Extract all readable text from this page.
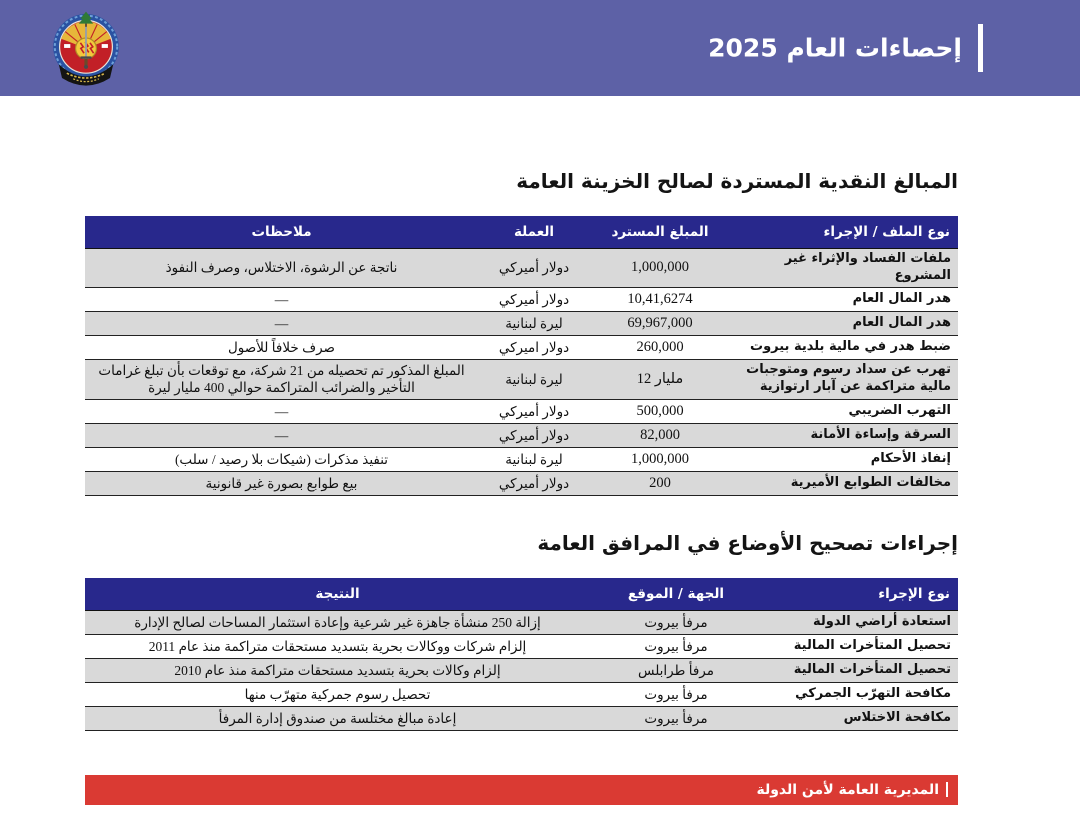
إحصاءات العام 2025
المبالغ النقدية المستردة لصالح الخزينة العامة
نوع الملف / الإجراء	المبلغ المسترد	العملة	ملاحظات
ملفات الفساد والإثراء غير المشروع	1,000,000	دولار أميركي	ناتجة عن الرشوة، الاختلاس، وصرف النفوذ
هدر المال العام	10,41,6274	دولار أميركي	—
هدر المال العام	69,967,000	ليرة لبنانية	—
ضبط هدر في مالية بلدية بيروت	260,000	دولار اميركي	صرف خلافاً للأصول
تهرب عن سداد رسوم ومتوجبات مالية متراكمة عن آبار ارتوازية	12 مليار	ليرة لبنانية	المبلغ المذكور تم تحصيله من 21 شركة، مع توقعات بأن تبلغ غرامات التأخير والضرائب المتراكمة حوالي 400 مليار ليرة
التهرب الضريبي	500,000	دولار أميركي	—
السرقة وإساءة الأمانة	82,000	دولار أميركي	—
إنفاذ الأحكام	1,000,000	ليرة لبنانية	تنفيذ مذكرات (شيكات بلا رصيد / سلب)
مخالفات الطوابع الأميرية	200	دولار أميركي	بيع طوابع بصورة غير قانونية
إجراءات تصحيح الأوضاع في المرافق العامة
نوع الإجراء	الجهة / الموقع	النتيجة
استعادة أراضي الدولة	مرفأ بيروت	إزالة 250 منشأة جاهزة غير شرعية وإعادة استثمار المساحات لصالح الإدارة
تحصيل المتأخرات المالية	مرفأ بيروت	إلزام شركات ووكالات بحرية بتسديد مستحقات متراكمة منذ عام 2011
تحصيل المتأخرات المالية	مرفأ طرابلس	إلزام وكالات بحرية بتسديد مستحقات متراكمة منذ عام 2010
مكافحة التهرّب الجمركي	مرفأ بيروت	تحصيل رسوم جمركية متهرّب منها
مكافحة الاختلاس	مرفأ بيروت	إعادة مبالغ مختلسة من صندوق إدارة المرفأ
المديرية العامة لأمن الدولة
